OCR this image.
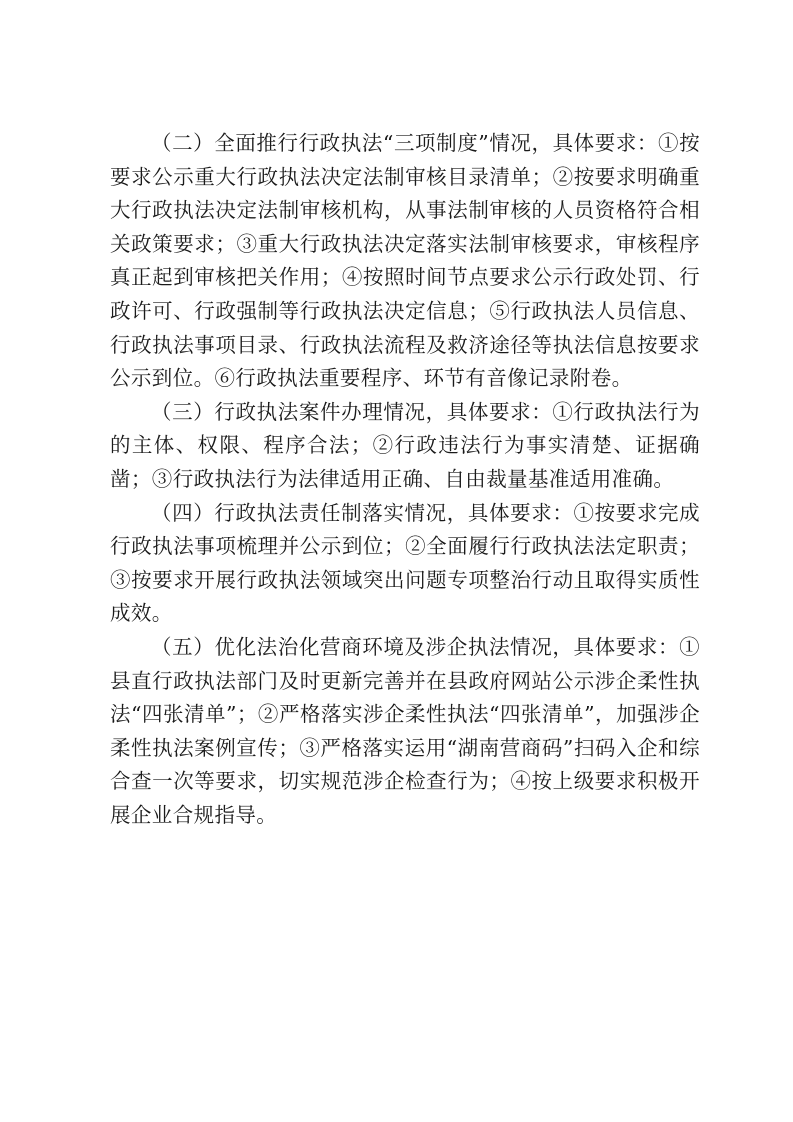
（二）全面推行行政执法“三项制度”情况，具体要求：①按要求公示重大行政执法决定法制审核目录清单；②按要求明确重大行政执法决定法制审核机构，从事法制审核的人员资格符合相关政策要求；③重大行政执法决定落实法制审核要求，审核程序真正起到审核把关作用；④按照时间节点要求公示行政处罚、行政许可、行政强制等行政执法决定信息；⑤行政执法人员信息、行政执法事项目录、行政执法流程及救济途径等执法信息按要求公示到位。⑥行政执法重要程序、环节有音像记录附卷。

（三）行政执法案件办理情况，具体要求：①行政执法行为的主体、权限、程序合法；②行政违法行为事实清楚、证据确凿；③行政执法行为法律适用正确、自由裁量基准适用准确。

（四）行政执法责任制落实情况，具体要求：①按要求完成行政执法事项梳理并公示到位；②全面履行行政执法法定职责；③按要求开展行政执法领域突出问题专项整治行动且取得实质性成效。

（五）优化法治化营商环境及涉企执法情况，具体要求：①县直行政执法部门及时更新完善并在县政府网站公示涉企柔性执法“四张清单”；②严格落实涉企柔性执法“四张清单”，加强涉企柔性执法案例宣传；③严格落实运用“湖南营商码”扫码入企和综合查一次等要求，切实规范涉企检查行为；④按上级要求积极开展企业合规指导。
